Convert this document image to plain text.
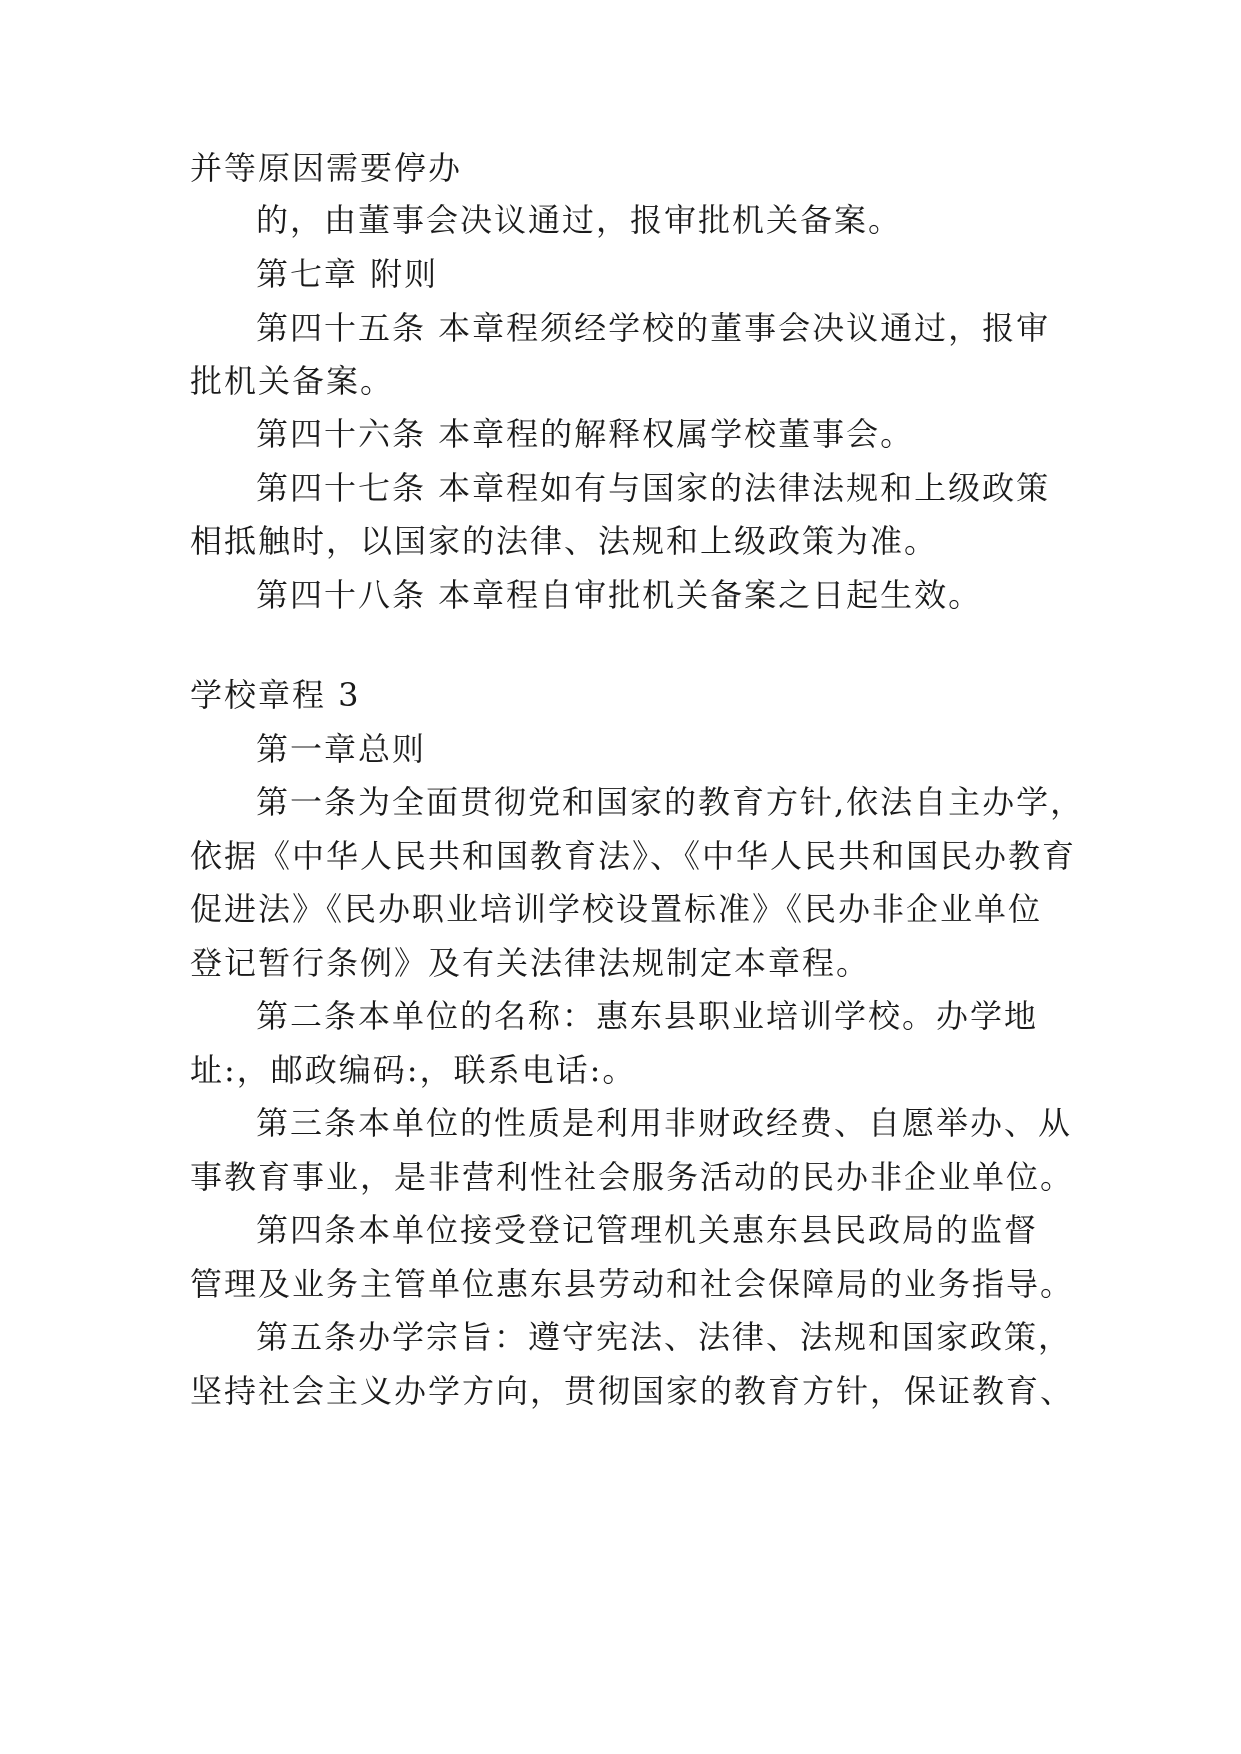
并等原因需要停办
的，由董事会决议通过，报审批机关备案。
第七章 附则
第四十五条 本章程须经学校的董事会决议通过，报审
批机关备案。
第四十六条 本章程的解释权属学校董事会。
第四十七条 本章程如有与国家的法律法规和上级政策
相抵触时，以国家的法律、法规和上级政策为准。
第四十八条 本章程自审批机关备案之日起生效。
学校章程 3
第一章总则
第一条为全面贯彻党和国家的教育方针,依法自主办学，
依据《中华人民共和国教育法》、《中华人民共和国民办教育
促进法》《民办职业培训学校设置标准》《民办非企业单位
登记暂行条例》及有关法律法规制定本章程。
第二条本单位的名称：惠东县职业培训学校。办学地
址:，邮政编码:，联系电话:。
第三条本单位的性质是利用非财政经费、自愿举办、从
事教育事业，是非营利性社会服务活动的民办非企业单位。
第四条本单位接受登记管理机关惠东县民政局的监督
管理及业务主管单位惠东县劳动和社会保障局的业务指导。
第五条办学宗旨：遵守宪法、法律、法规和国家政策，
坚持社会主义办学方向，贯彻国家的教育方针，保证教育、
